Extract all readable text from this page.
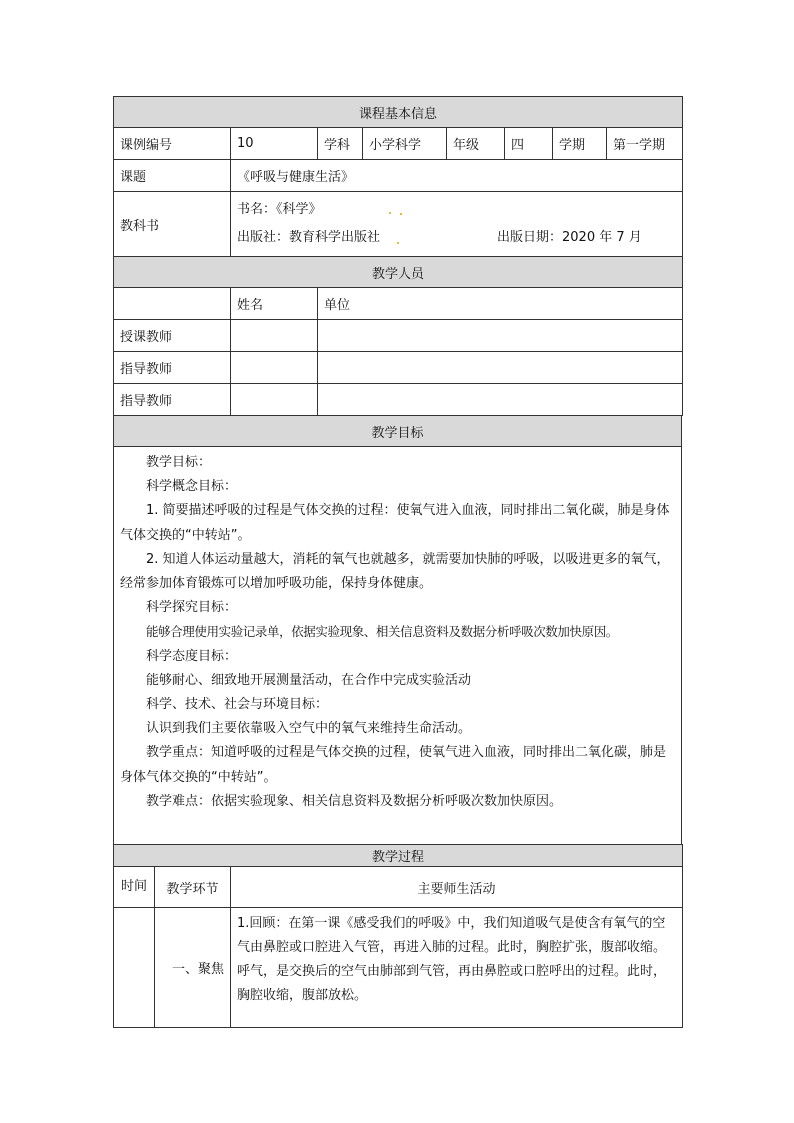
课程基本信息							
课例编号	10	学科	小学科学	年级	四	学期	第一学期
课题	《呼吸与健康生活》						
教科书	书名：《科学》
出版社：教育科学出版社 出版日期：2020 年 7 月						
教学人员		
	姓名	单位
授课教师		
指导教师		
指导教师		
教学目标

教学目标：

科学概念目标：

1. 简要描述呼吸的过程是气体交换的过程：使氧气进入血液，同时排出二氧化碳，肺是身体气体交换的“中转站”。

2. 知道人体运动量越大，消耗的氧气也就越多，就需要加快肺的呼吸，以吸进更多的氧气，经常参加体育锻炼可以增加呼吸功能，保持身体健康。

科学探究目标：

能够合理使用实验记录单，依据实验现象、相关信息资料及数据分析呼吸次数加快原因。

科学态度目标：

能够耐心、细致地开展测量活动，在合作中完成实验活动

科学、技术、社会与环境目标：

认识到我们主要依靠吸入空气中的氧气来维持生命活动。

教学重点：知道呼吸的过程是气体交换的过程，使氧气进入血液，同时排出二氧化碳，肺是身体气体交换的“中转站”。

教学难点：依据实验现象、相关信息资料及数据分析呼吸次数加快原因。

教学过程		
时间	教学环节	主要师生活动
	一、聚焦	1.回顾：在第一课《感受我们的呼吸》中，我们知道吸气是使含有氧气的空气由鼻腔或口腔进入气管，再进入肺的过程。此时，胸腔扩张，腹部收缩。

呼气，是交换后的空气由肺部到气管，再由鼻腔或口腔呼出的过程。此时，胸腔收缩，腹部放松。
